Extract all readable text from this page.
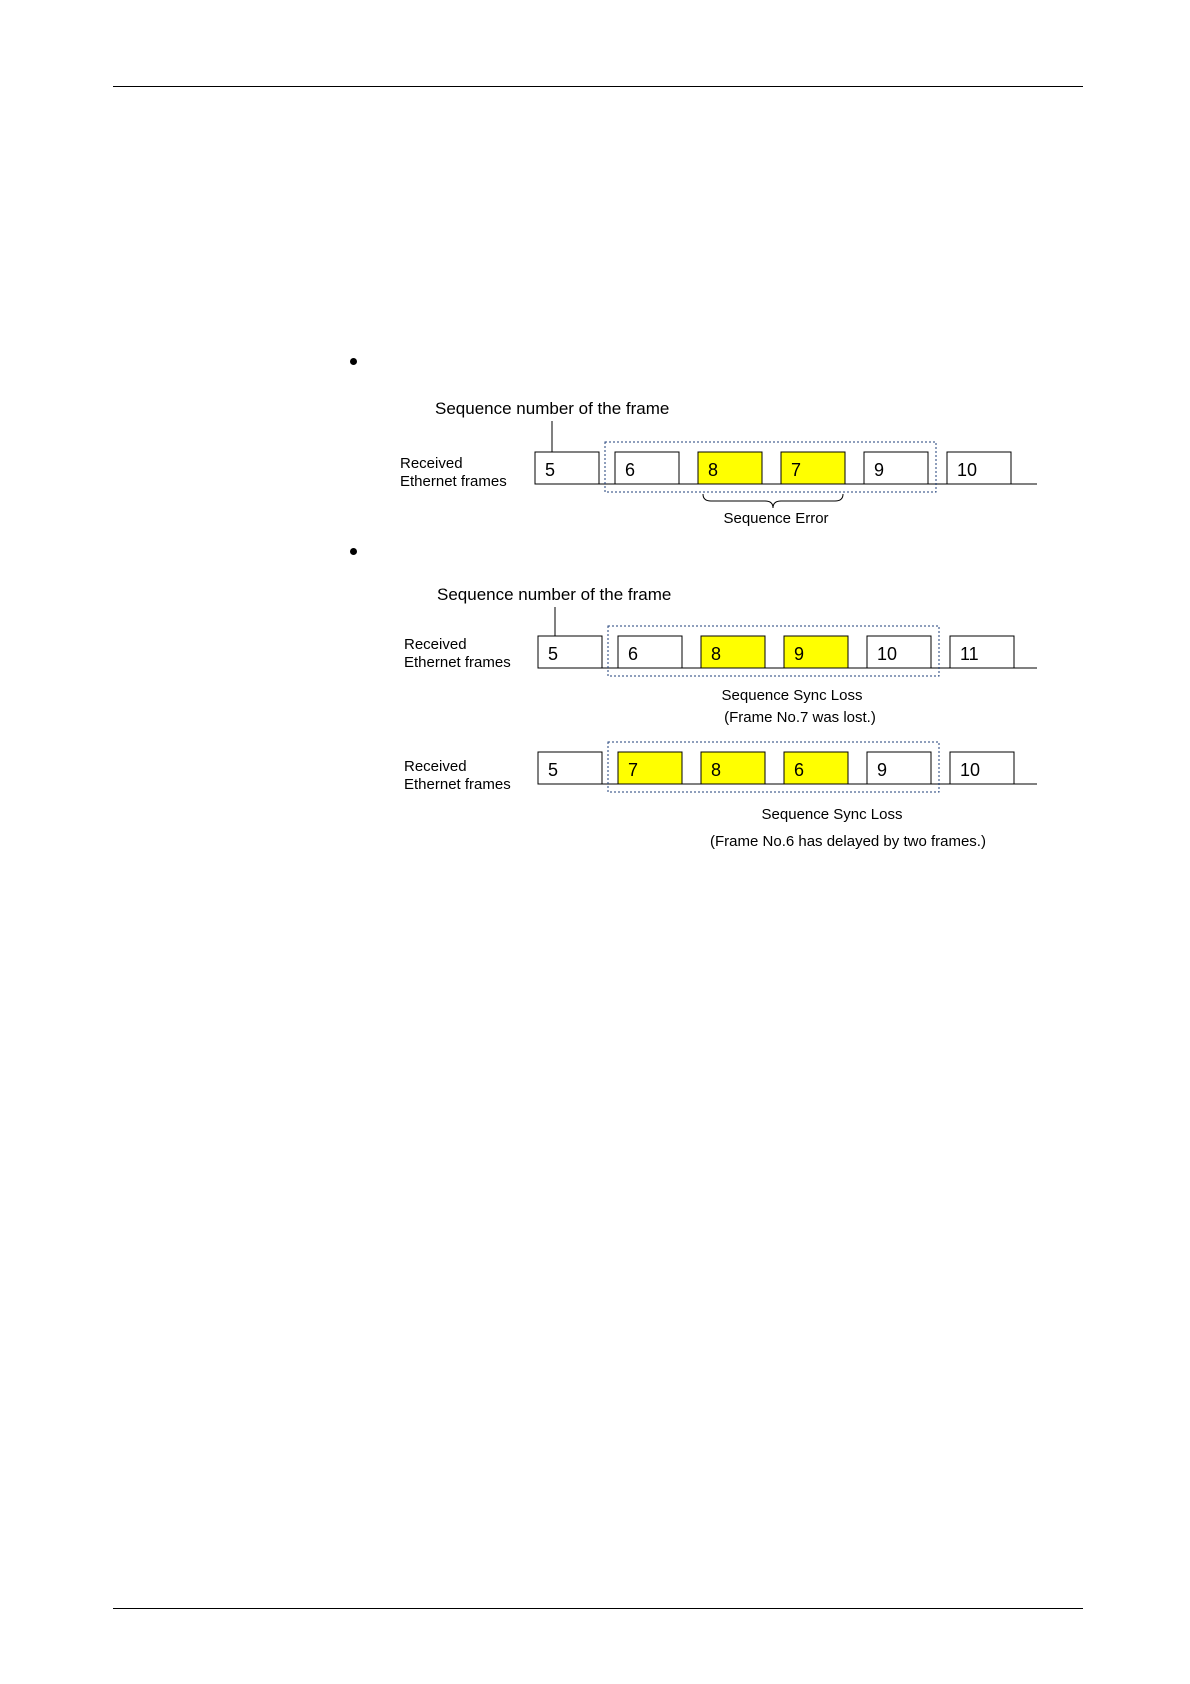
Sequence number of the frame
Received
Ethernet frames
5	6	8	7	9	10
Sequence Error
Sequence number of the frame
Received
Ethernet frames 5	6	8	9	10	11
Sequence Sync Loss
(Frame No.7 was lost.)
Received
Ethernet frames
5	7	8	6	9	10
Sequence Sync Loss
(Frame No.6 has delayed by two frames.)
